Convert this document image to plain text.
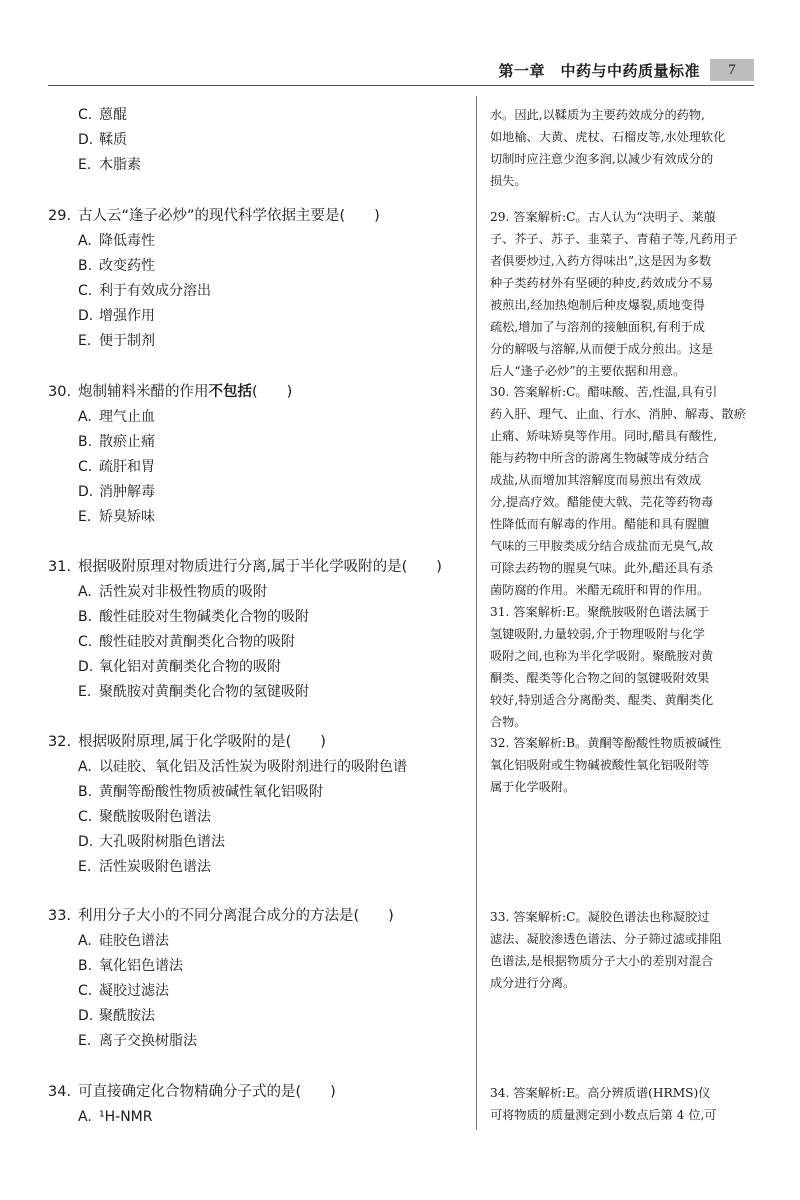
第一章　中药与中药质量标准	7
C. 蒽醌
D. 鞣质
E. 木脂素
29. 古人云“逢子必炒”的现代科学依据主要是(　　)
A. 降低毒性
B. 改变药性
C. 利于有效成分溶出
D. 增强作用
E. 便于制剂
30. 炮制辅料米醋的作用不包括(　　)
A. 理气止血
B. 散瘀止痛
C. 疏肝和胃
D. 消肿解毒
E. 矫臭矫味
31. 根据吸附原理对物质进行分离,属于半化学吸附的是(　　)
A. 活性炭对非极性物质的吸附
B. 酸性硅胶对生物碱类化合物的吸附
C. 酸性硅胶对黄酮类化合物的吸附
D. 氧化铝对黄酮类化合物的吸附
E. 聚酰胺对黄酮类化合物的氢键吸附
32. 根据吸附原理,属于化学吸附的是(　　)
A. 以硅胶、氧化铝及活性炭为吸附剂进行的吸附色谱
B. 黄酮等酚酸性物质被碱性氧化铝吸附
C. 聚酰胺吸附色谱法
D. 大孔吸附树脂色谱法
E. 活性炭吸附色谱法
33. 利用分子大小的不同分离混合成分的方法是(　　)
A. 硅胶色谱法
B. 氧化铝色谱法
C. 凝胶过滤法
D. 聚酰胺法
E. 离子交换树脂法
34. 可直接确定化合物精确分子式的是(　　)
A. ¹H-NMR
水。因此,以鞣质为主要药效成分的药物,
如地榆、大黄、虎杖、石榴皮等,水处理软化
切制时应注意少泡多润,以减少有效成分的
损失。
29. 答案解析:C。古人认为“决明子、莱菔
子、芥子、苏子、韭菜子、青葙子等,凡药用子
者俱要炒过,入药方得味出”,这是因为多数
种子类药材外有坚硬的种皮,药效成分不易
被煎出,经加热炮制后种皮爆裂,质地变得
疏松,增加了与溶剂的接触面积,有利于成
分的解吸与溶解,从而便于成分煎出。这是
后人“逢子必炒”的主要依据和用意。
30. 答案解析:C。醋味酸、苦,性温,具有引
药入肝、理气、止血、行水、消肿、解毒、散瘀
止痛、矫味矫臭等作用。同时,醋具有酸性,
能与药物中所含的游离生物碱等成分结合
成盐,从而增加其溶解度而易煎出有效成
分,提高疗效。醋能使大戟、芫花等药物毒
性降低而有解毒的作用。醋能和具有腥膻
气味的三甲胺类成分结合成盐而无臭气,故
可除去药物的腥臭气味。此外,醋还具有杀
菌防腐的作用。米醋无疏肝和胃的作用。
31. 答案解析:E。聚酰胺吸附色谱法属于
氢键吸附,力量较弱,介于物理吸附与化学
吸附之间,也称为半化学吸附。聚酰胺对黄
酮类、醌类等化合物之间的氢键吸附效果
较好,特别适合分离酚类、醌类、黄酮类化
合物。
32. 答案解析:B。黄酮等酚酸性物质被碱性
氧化铝吸附或生物碱被酸性氧化铝吸附等
属于化学吸附。
33. 答案解析:C。凝胶色谱法也称凝胶过
滤法、凝胶渗透色谱法、分子筛过滤或排阻
色谱法,是根据物质分子大小的差别对混合
成分进行分离。
34. 答案解析:E。高分辨质谱(HRMS)仪
可将物质的质量测定到小数点后第 4 位,可
